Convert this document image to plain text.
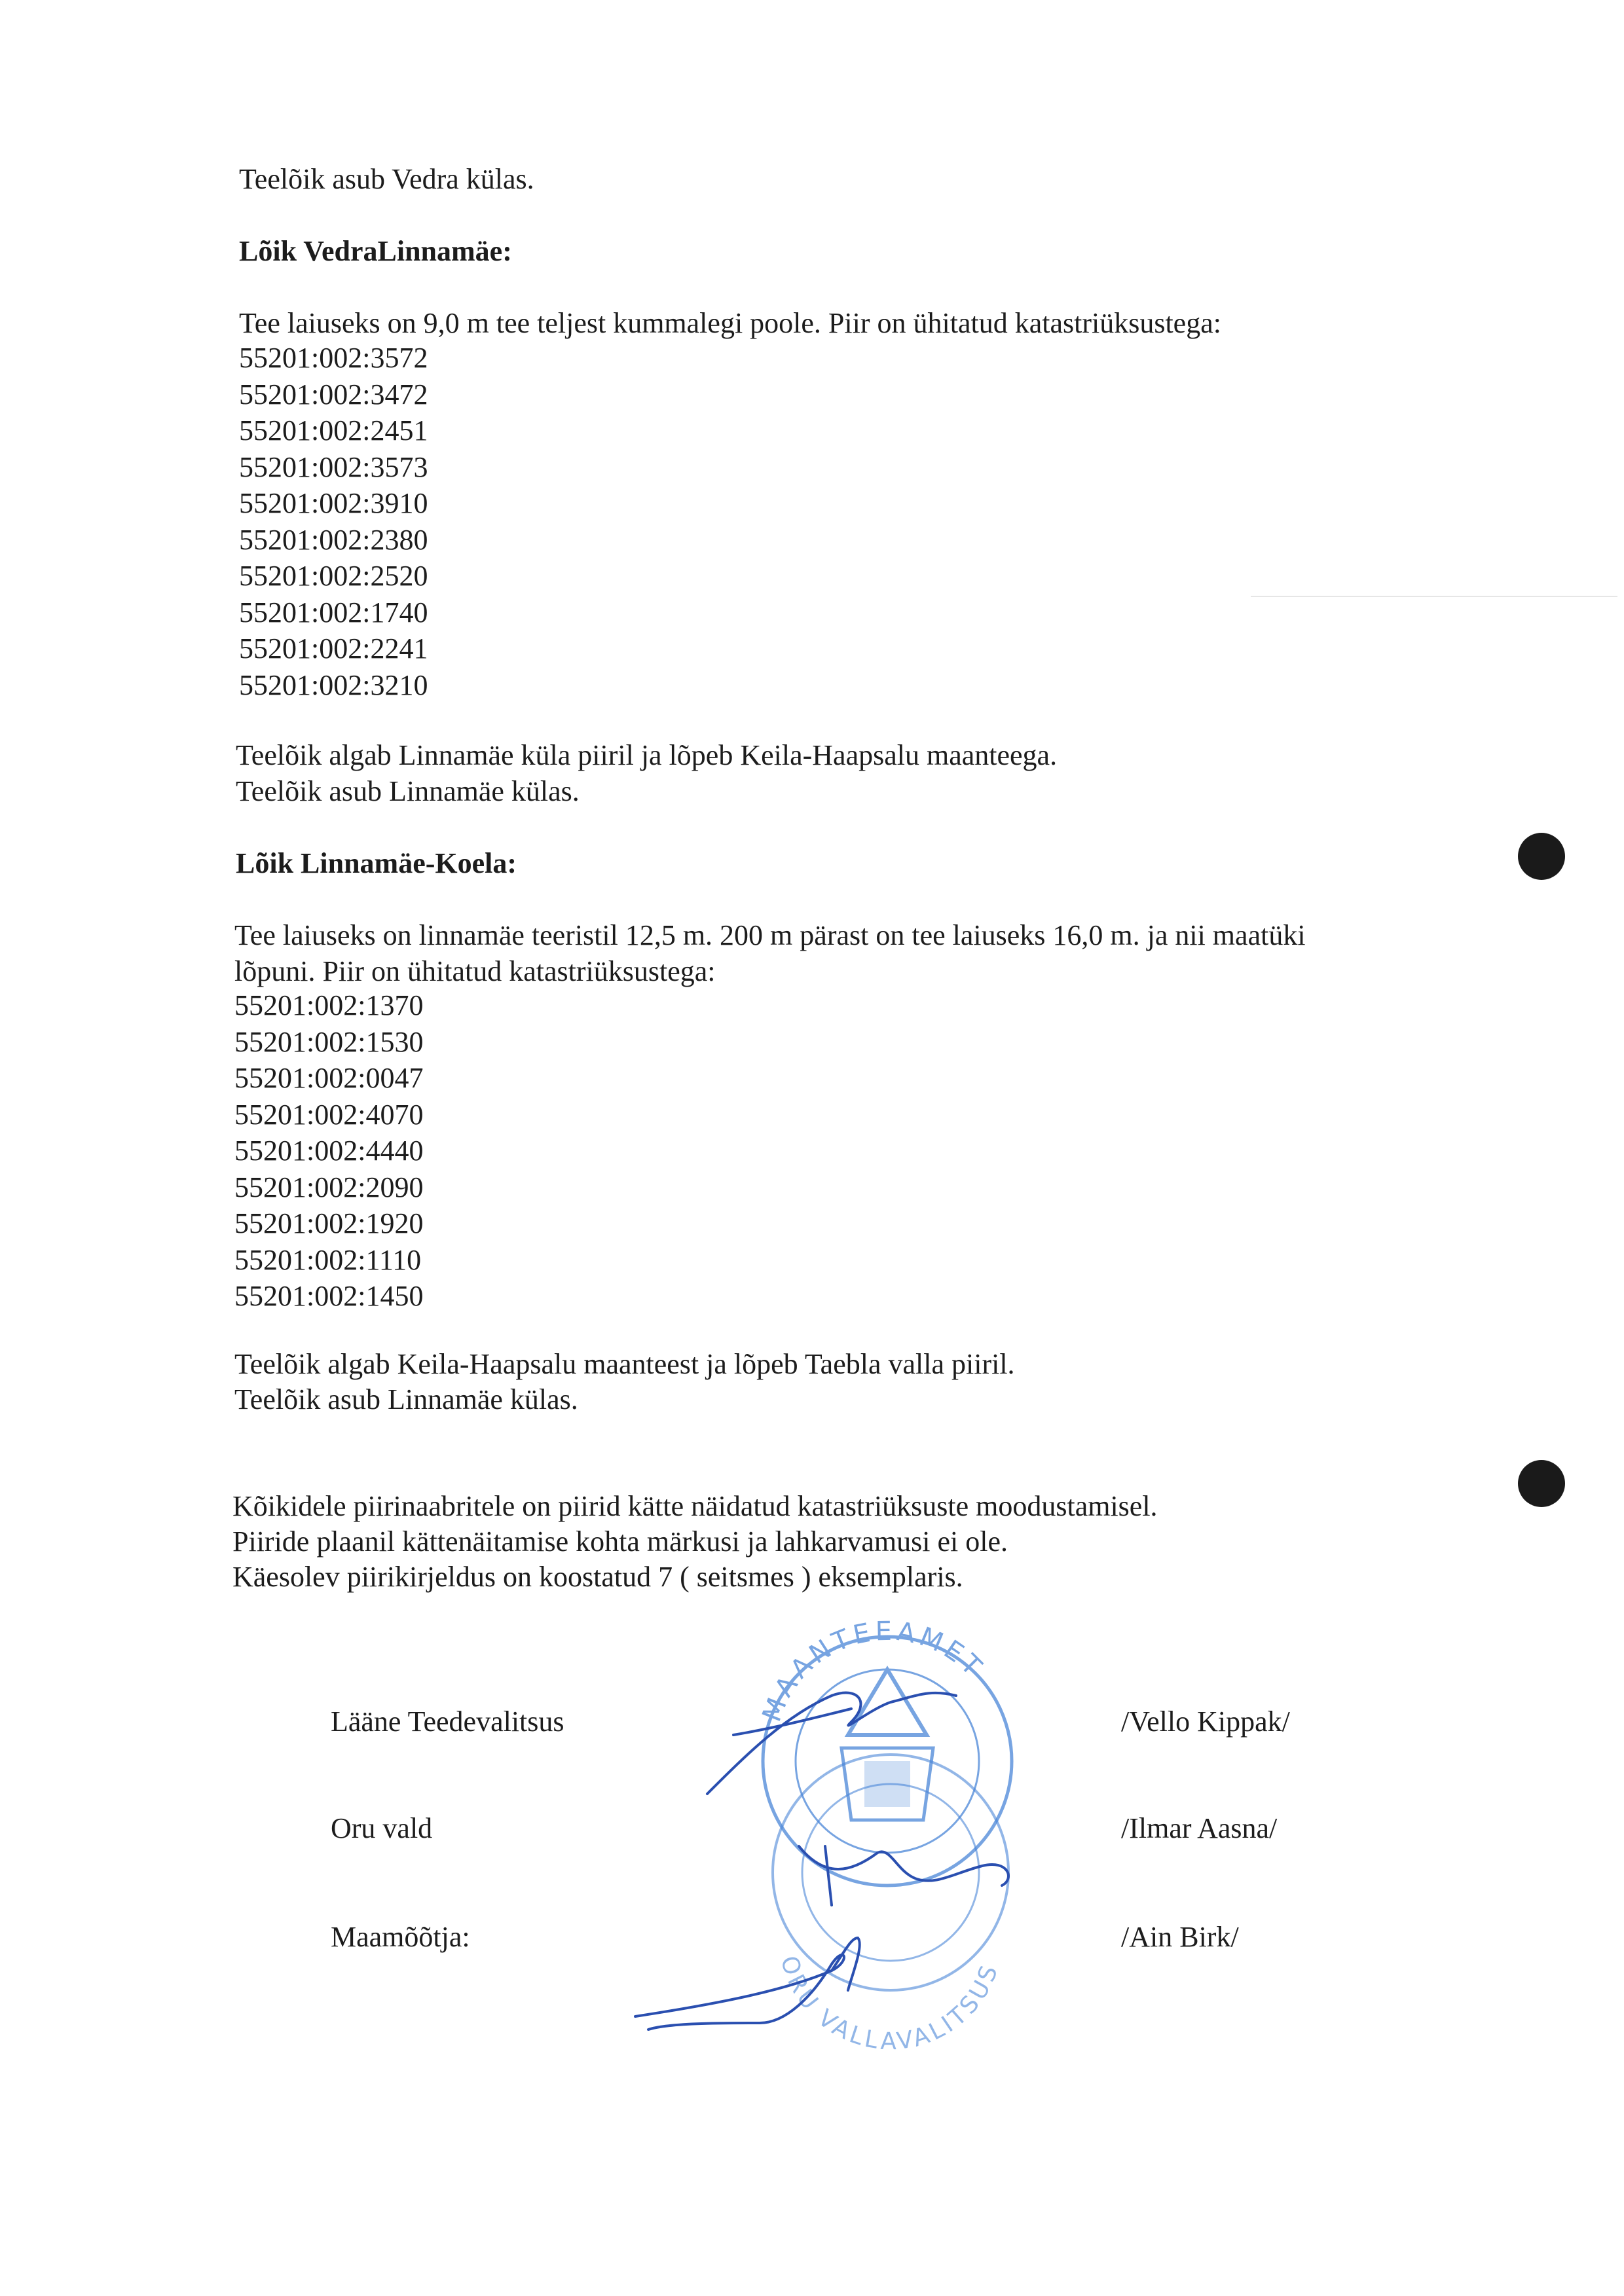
Teelõik asub Vedra külas.
Lõik VedraLinnamäe:
Tee laiuseks on 9,0 m tee teljest kummalegi poole. Piir on ühitatud katastriüksustega:
55201:002:3572
55201:002:3472
55201:002:2451
55201:002:3573
55201:002:3910
55201:002:2380
55201:002:2520
55201:002:1740
55201:002:2241
55201:002:3210
Teelõik algab Linnamäe küla piiril ja lõpeb Keila-Haapsalu maanteega.
Teelõik asub Linnamäe külas.
Lõik Linnamäe-Koela:
Tee laiuseks on linnamäe teeristil 12,5 m. 200 m pärast on tee laiuseks 16,0 m. ja nii maatüki
lõpuni. Piir on ühitatud katastriüksustega:
55201:002:1370
55201:002:1530
55201:002:0047
55201:002:4070
55201:002:4440
55201:002:2090
55201:002:1920
55201:002:1110
55201:002:1450
Teelõik algab Keila-Haapsalu maanteest ja lõpeb Taebla valla piiril.
Teelõik asub Linnamäe külas.
Kõikidele piirinaabritele on piirid kätte näidatud katastriüksuste moodustamisel.
Piiride plaanil kättenäitamise kohta märkusi ja lahkarvamusi ei ole.
Käesolev piirikirjeldus on koostatud 7 ( seitsmes ) eksemplaris.
Lääne Teedevalitsus	/Vello Kippak/
Oru vald	/Ilmar Aasna/
Maamõõtja:	/Ain Birk/
MAANTEEAMET
ORU VALLAVALITSUS
